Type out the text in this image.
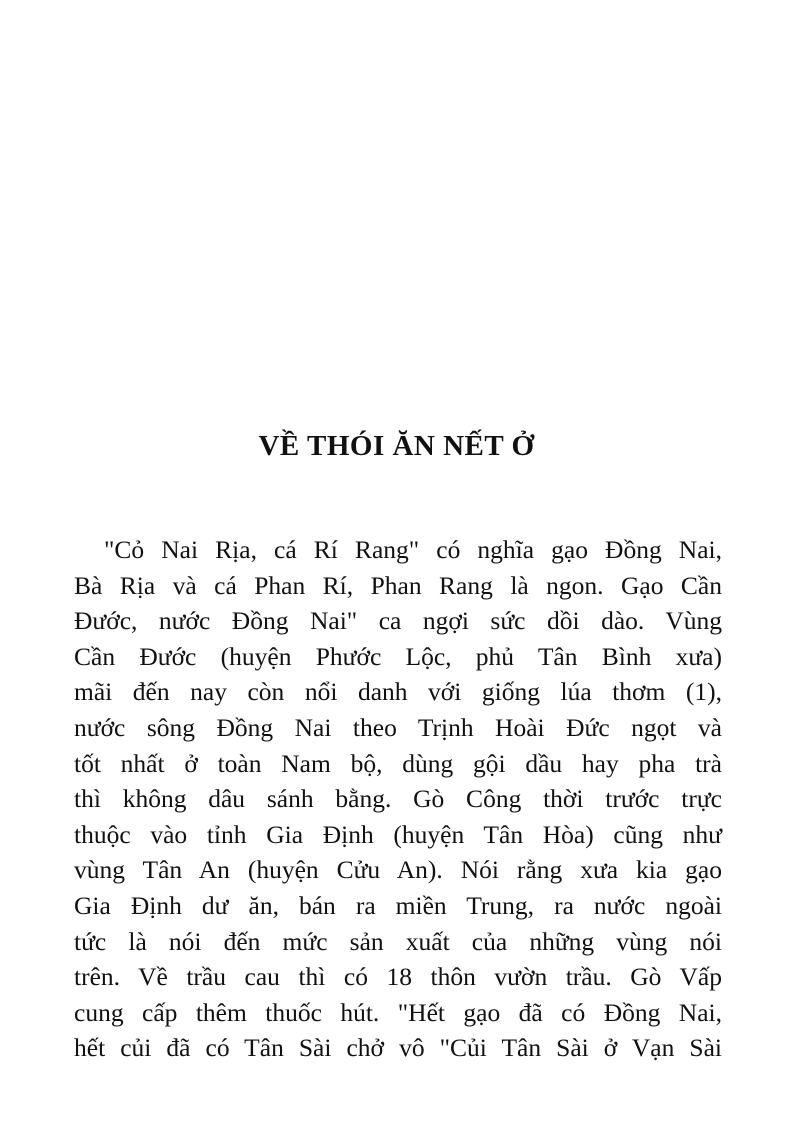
VỀ THÓI ĂN NẾT Ở
"Cỏ Nai Rịa, cá Rí Rang" có nghĩa gạo Đồng Nai,
Bà Rịa và cá Phan Rí, Phan Rang là ngon. Gạo Cần
Đước, nước Đồng Nai" ca ngợi sức dồi dào. Vùng
Cần Đước (huyện Phước Lộc, phủ Tân Bình xưa)
mãi đến nay còn nổi danh với giống lúa thơm (1),
nước sông Đồng Nai theo Trịnh Hoài Đức ngọt và
tốt nhất ở toàn Nam bộ, dùng gội dầu hay pha trà
thì không dâu sánh bằng. Gò Công thời trước trực
thuộc vào tỉnh Gia Định (huyện Tân Hòa) cũng như
vùng Tân An (huyện Cửu An). Nói rằng xưa kia gạo
Gia Định dư ăn, bán ra miền Trung, ra nước ngoài
tức là nói đến mức sản xuất của những vùng nói
trên. Về trầu cau thì có 18 thôn vườn trầu. Gò Vấp
cung cấp thêm thuốc hút. "Hết gạo đã có Đồng Nai,
hết củi đã có Tân Sài chở vô "Củi Tân Sài ở Vạn Sài
